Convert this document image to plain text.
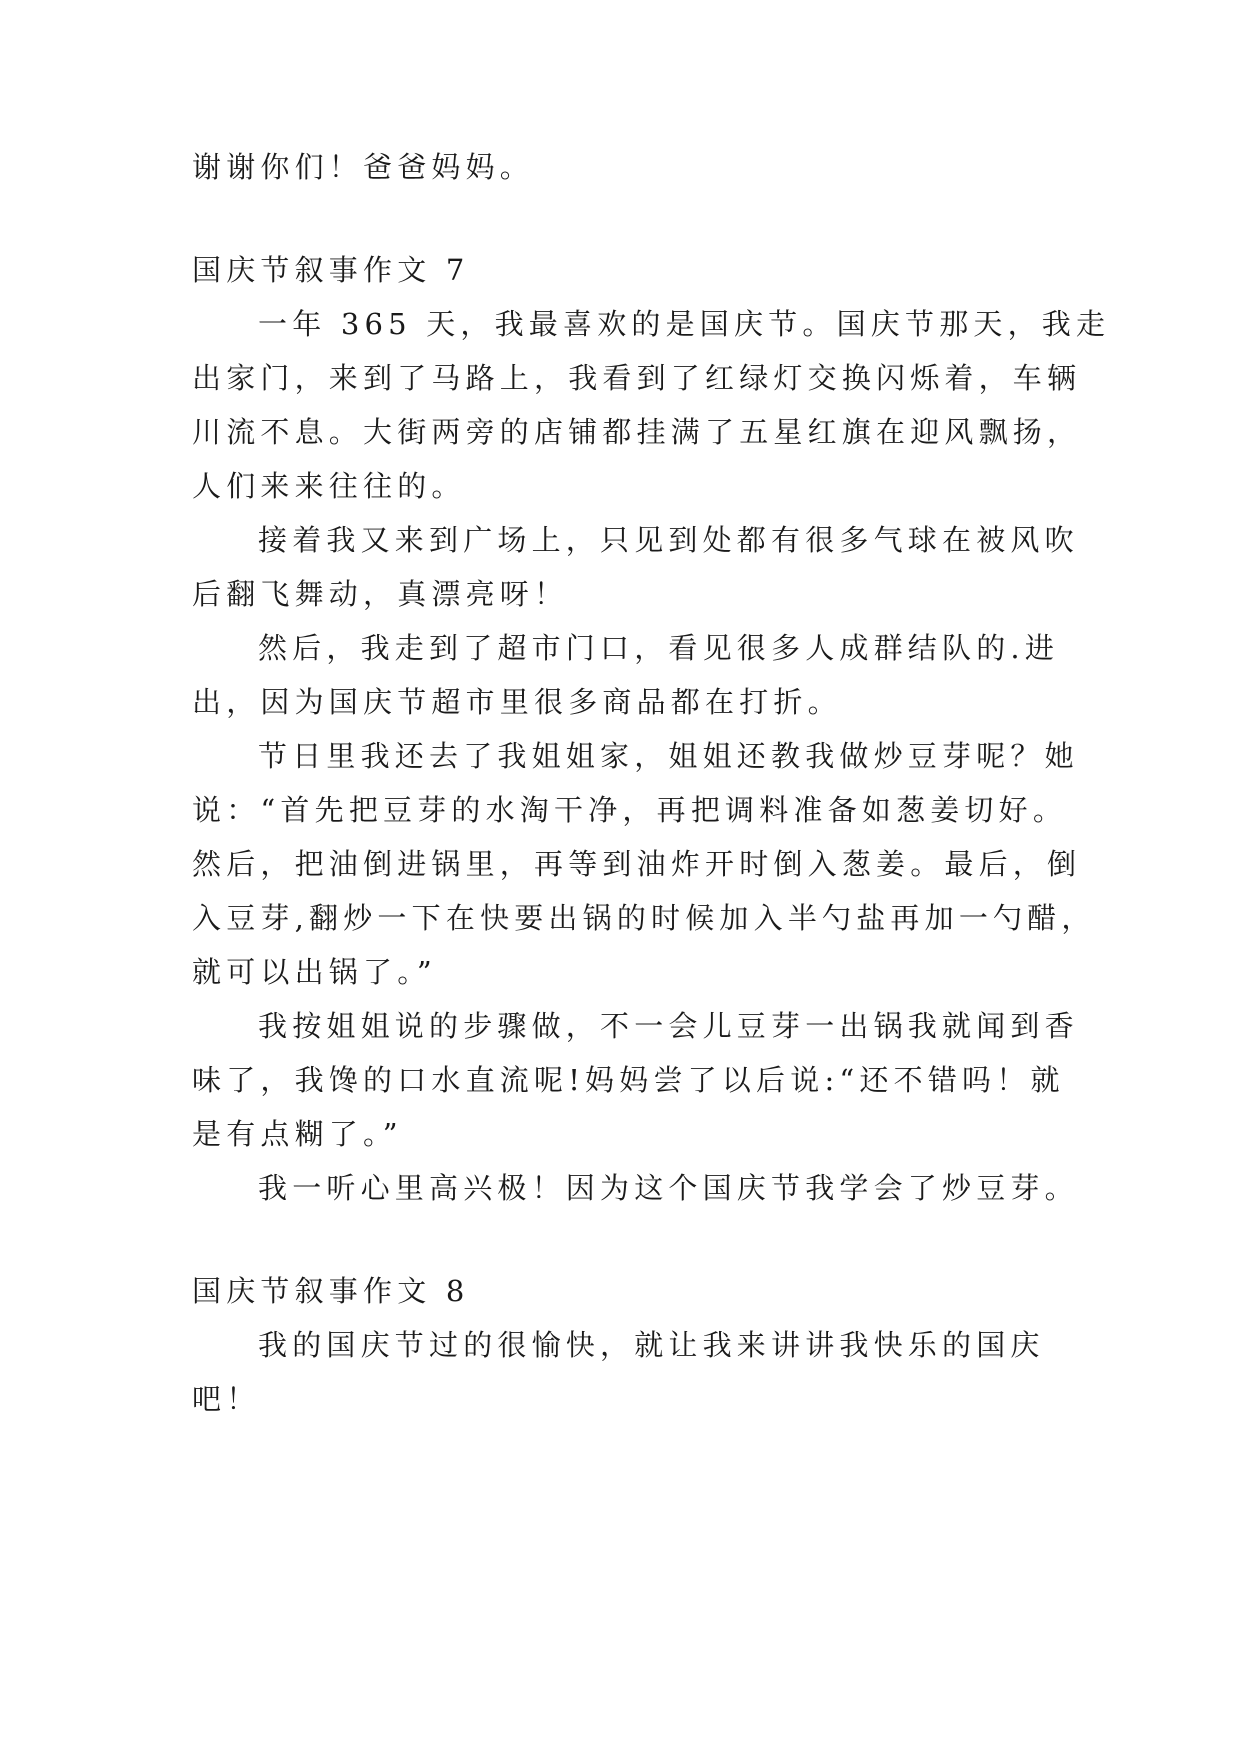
谢谢你们！爸爸妈妈。
国庆节叙事作文 7
一年 365 天，我最喜欢的是国庆节。国庆节那天，我走
出家门，来到了马路上，我看到了红绿灯交换闪烁着，车辆
川流不息。大街两旁的店铺都挂满了五星红旗在迎风飘扬，
人们来来往往的。
接着我又来到广场上，只见到处都有很多气球在被风吹
后翻飞舞动，真漂亮呀！
然后，我走到了超市门口，看见很多人成群结队的.进
出，因为国庆节超市里很多商品都在打折。
节日里我还去了我姐姐家，姐姐还教我做炒豆芽呢？她
说：“首先把豆芽的水淘干净，再把调料准备如葱姜切好。
然后，把油倒进锅里，再等到油炸开时倒入葱姜。最后，倒
入豆芽,翻炒一下在快要出锅的时候加入半勺盐再加一勺醋，
就可以出锅了。”
我按姐姐说的步骤做，不一会儿豆芽一出锅我就闻到香
味了，我馋的口水直流呢!妈妈尝了以后说:“还不错吗！就
是有点糊了。”
我一听心里高兴极！因为这个国庆节我学会了炒豆芽。
国庆节叙事作文 8
我的国庆节过的很愉快，就让我来讲讲我快乐的国庆
吧！
